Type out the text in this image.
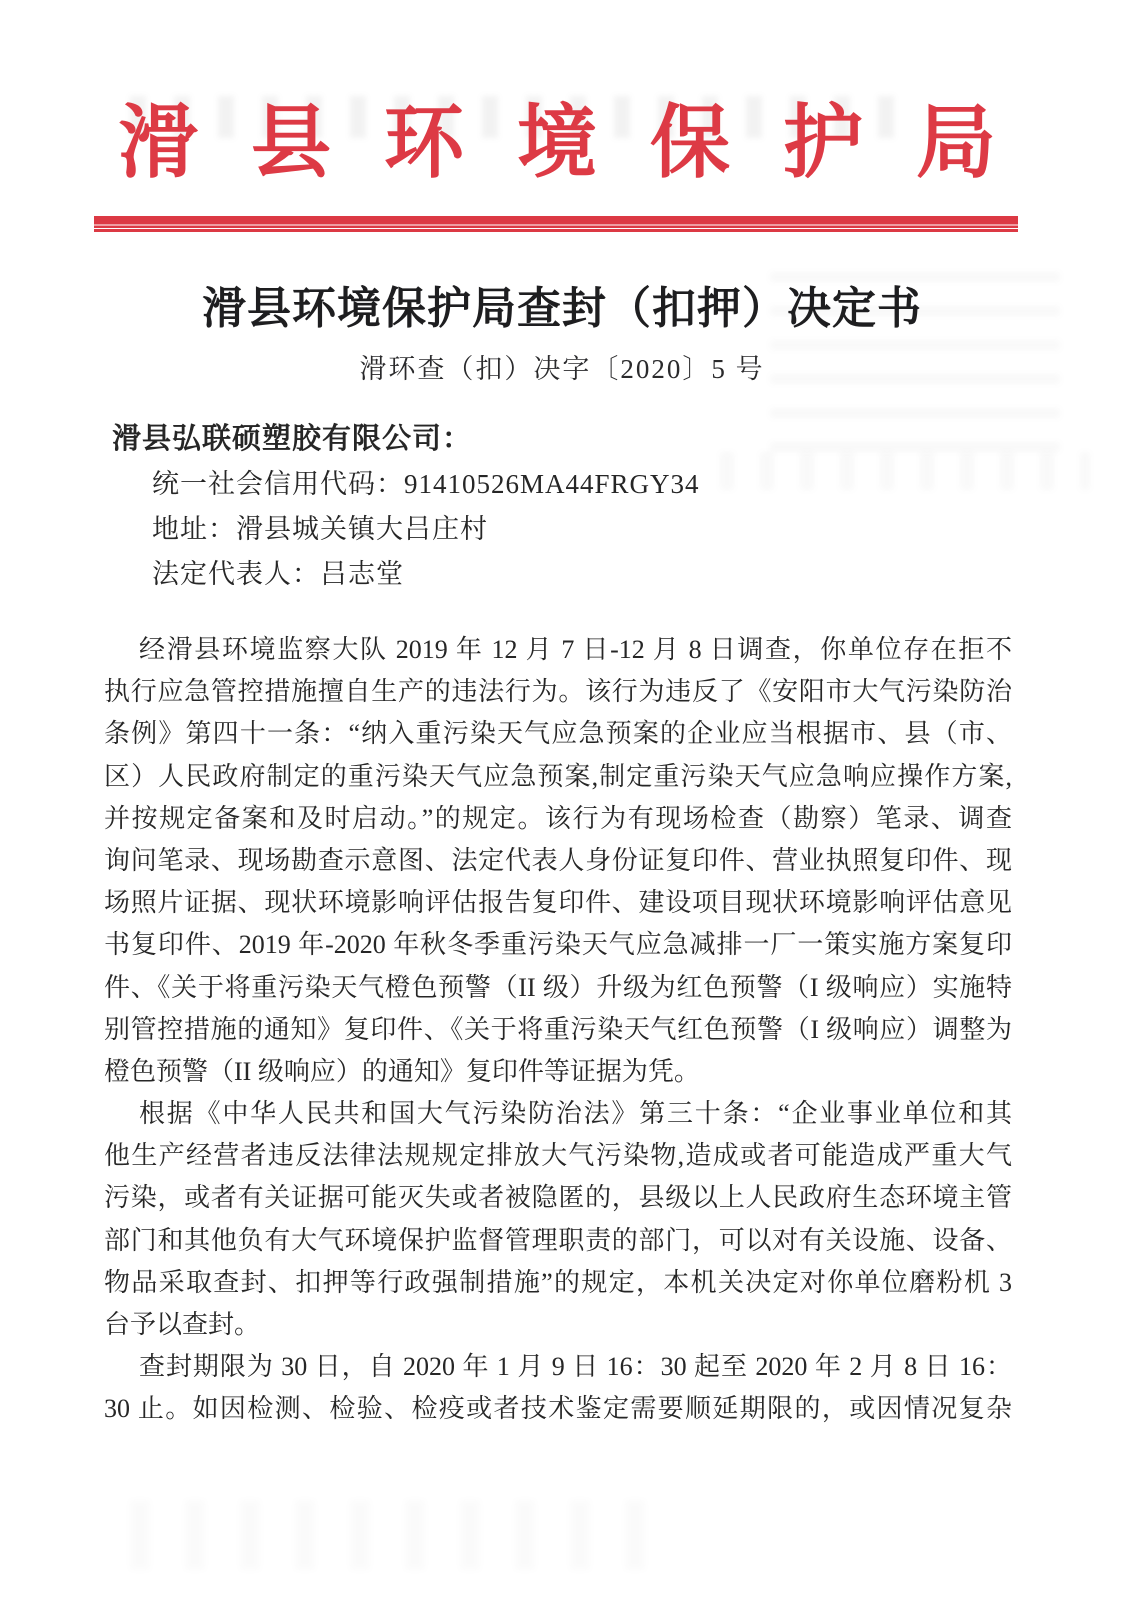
滑县环境保护局
滑县环境保护局查封（扣押）决定书
滑环查（扣）决字〔2020〕5 号
滑县弘联硕塑胶有限公司：
统一社会信用代码：91410526MA44FRGY34
地址：滑县城关镇大吕庄村
法定代表人：吕志堂
经滑县环境监察大队 2019 年 12 月 7 日-12 月 8 日调查，你单位存在拒不
执行应急管控措施擅自生产的违法行为。该行为违反了《安阳市大气污染防治
条例》第四十一条：“纳入重污染天气应急预案的企业应当根据市、县（市、
区）人民政府制定的重污染天气应急预案,制定重污染天气应急响应操作方案,
并按规定备案和及时启动。”的规定。该行为有现场检查（勘察）笔录、调查
询问笔录、现场勘查示意图、法定代表人身份证复印件、营业执照复印件、现
场照片证据、现状环境影响评估报告复印件、建设项目现状环境影响评估意见
书复印件、2019 年-2020 年秋冬季重污染天气应急减排一厂一策实施方案复印
件、《关于将重污染天气橙色预警（II 级）升级为红色预警（I 级响应）实施特
别管控措施的通知》复印件、《关于将重污染天气红色预警（I 级响应）调整为
橙色预警（II 级响应）的通知》复印件等证据为凭。
根据《中华人民共和国大气污染防治法》第三十条：“企业事业单位和其
他生产经营者违反法律法规规定排放大气污染物,造成或者可能造成严重大气
污染，或者有关证据可能灭失或者被隐匿的，县级以上人民政府生态环境主管
部门和其他负有大气环境保护监督管理职责的部门，可以对有关设施、设备、
物品采取查封、扣押等行政强制措施”的规定，本机关决定对你单位磨粉机 3
台予以查封。
查封期限为 30 日，自 2020 年 1 月 9 日 16：30 起至 2020 年 2 月 8 日 16：
30 止。如因检测、检验、检疫或者技术鉴定需要顺延期限的，或因情况复杂
